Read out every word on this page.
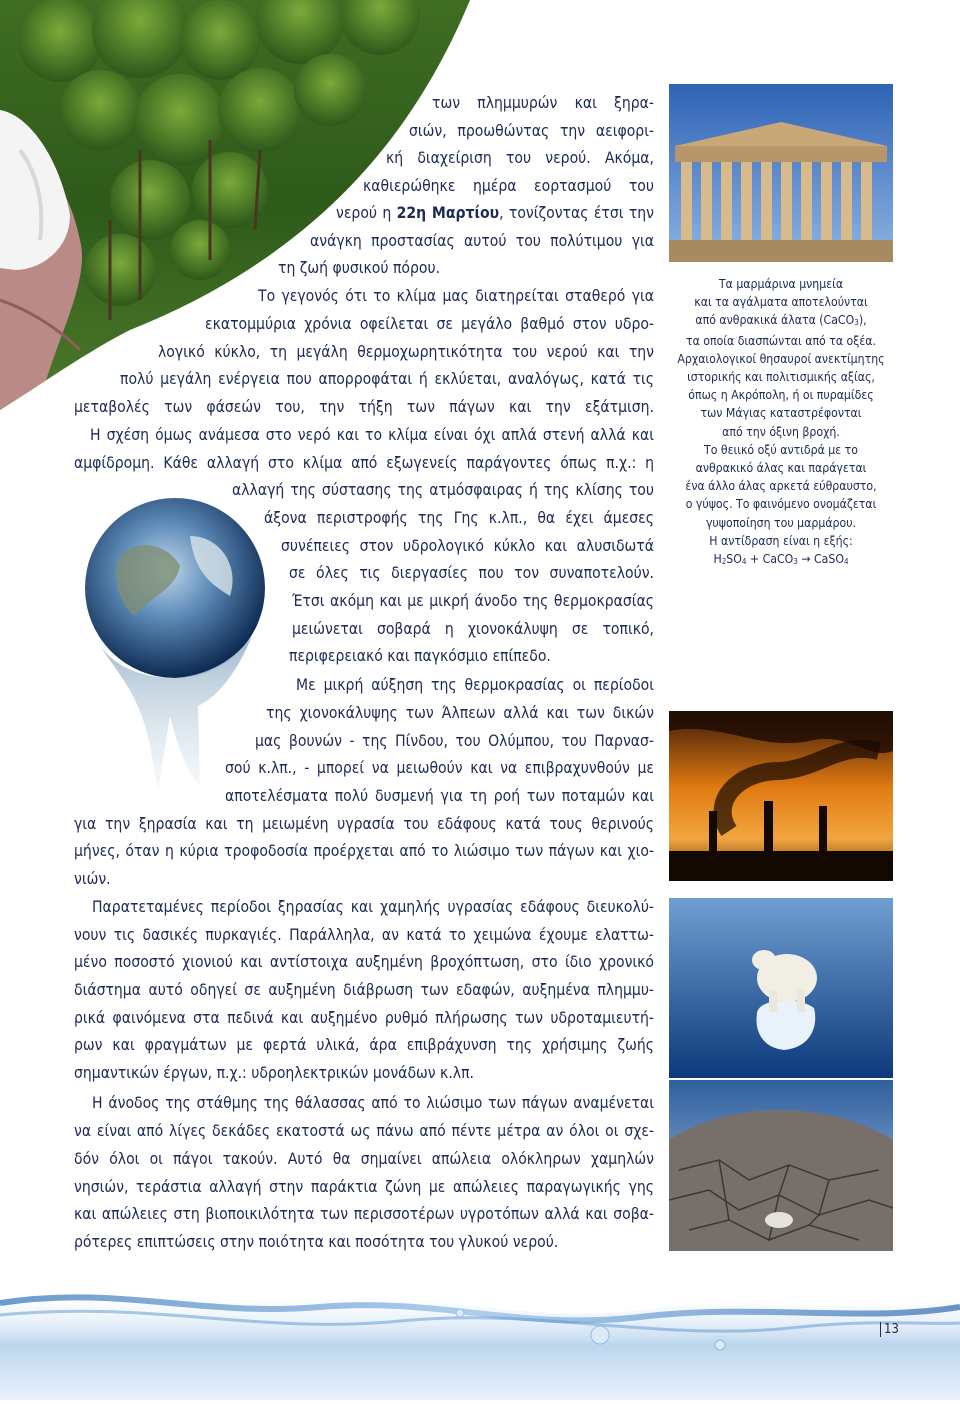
Τα μαρμάρινα μνημεία
και τα αγάλματα αποτελούνται
από ανθρακικά άλατα (CaCO$_3$),
τα οποία διασπώνται από τα οξέα.
Αρχαιολογικοί θησαυροί ανεκτίμητης
ιστορικής και πολιτισμικής αξίας,
όπως η Ακρόπολη, ή οι πυραμίδες
των Μάγιας καταστρέφονται
από την όξινη βροχή.
Το θειικό οξύ αντιδρά με το
ανθρακικό άλας και παράγεται
ένα άλλο άλας αρκετά εύθραυστο,
ο γύψος. Το φαινόμενο ονομάζεται
γυψοποίηση του μαρμάρου.
Η αντίδραση είναι η εξής:
$H_2SO_4$ + CaCO$_3$ → CaSO$_4$
των πλημμυρών και ξηρα-
σιών, προωθώντας την αειφορι-
κή διαχείριση του νερού. Ακόμα,
καθιερώθηκε ημέρα εορτασμού του
νερού η 22η Μαρτίου, τονίζοντας έτσι την
ανάγκη προστασίας αυτού του πολύτιμου για
τη ζωή φυσικού πόρου.
Το γεγονός ότι το κλίμα μας διατηρείται σταθερό για
εκατομμύρια χρόνια οφείλεται σε μεγάλο βαθμό στον υδρο-
λογικό κύκλο, τη μεγάλη θερμοχωρητικότητα του νερού και την
πολύ μεγάλη ενέργεια που απορροφάται ή εκλύεται, αναλόγως, κατά τις
μεταβολές των φάσεών του, την τήξη των πάγων και την εξάτμιση.
Η σχέση όμως ανάμεσα στο νερό και το κλίμα είναι όχι απλά στενή αλλά και
αμφίδρομη. Κάθε αλλαγή στο κλίμα από εξωγενείς παράγοντες όπως π.χ.: η
αλλαγή της σύστασης της ατμόσφαιρας ή της κλίσης του
άξονα περιστροφής της Γης κ.λπ., θα έχει άμεσες
συνέπειες στον υδρολογικό κύκλο και αλυσιδωτά
σε όλες τις διεργασίες που τον συναποτελούν.
Έτσι ακόμη και με μικρή άνοδο της θερμοκρασίας
μειώνεται σοβαρά η χιονοκάλυψη σε τοπικό,
περιφερειακό και παγκόσμιο επίπεδο.
Με μικρή αύξηση της θερμοκρασίας οι περίοδοι
της χιονοκάλυψης των Άλπεων αλλά και των δικών
μας βουνών - της Πίνδου, του Ολύμπου, του Παρνασ-
σού κ.λπ., - μπορεί να μειωθούν και να επιβραχυνθούν με
αποτελέσματα πολύ δυσμενή για τη ροή των ποταμών και
για την ξηρασία και τη μειωμένη υγρασία του εδάφους κατά τους θερινούς
μήνες, όταν η κύρια τροφοδοσία προέρχεται από το λιώσιμο των πάγων και χιο-
νιών.
Παρατεταμένες περίοδοι ξηρασίας και χαμηλής υγρασίας εδάφους διευκολύ-
νουν τις δασικές πυρκαγιές. Παράλληλα, αν κατά το χειμώνα έχουμε ελαττω-
μένο ποσοστό χιονιού και αντίστοιχα αυξημένη βροχόπτωση, στο ίδιο χρονικό
διάστημα αυτό οδηγεί σε αυξημένη διάβρωση των εδαφών, αυξημένα πλημμυ-
ρικά φαινόμενα στα πεδινά και αυξημένο ρυθμό πλήρωσης των υδροταμιευτή-
ρων και φραγμάτων με φερτά υλικά, άρα επιβράχυνση της χρήσιμης ζωής
σημαντικών έργων, π.χ.: υδροηλεκτρικών μονάδων κ.λπ.
Η άνοδος της στάθμης της θάλασσας από το λιώσιμο των πάγων αναμένεται
να είναι από λίγες δεκάδες εκατοστά ως πάνω από πέντε μέτρα αν όλοι οι σχε-
δόν όλοι οι πάγοι τακούν. Αυτό θα σημαίνει απώλεια ολόκληρων χαμηλών
νησιών, τεράστια αλλαγή στην παράκτια ζώνη με απώλειες παραγωγικής γης
και απώλειες στη βιοποικιλότητα των περισσοτέρων υγροτόπων αλλά και σοβα-
ρότερες επιπτώσεις στην ποιότητα και ποσότητα του γλυκού νερού.
13
